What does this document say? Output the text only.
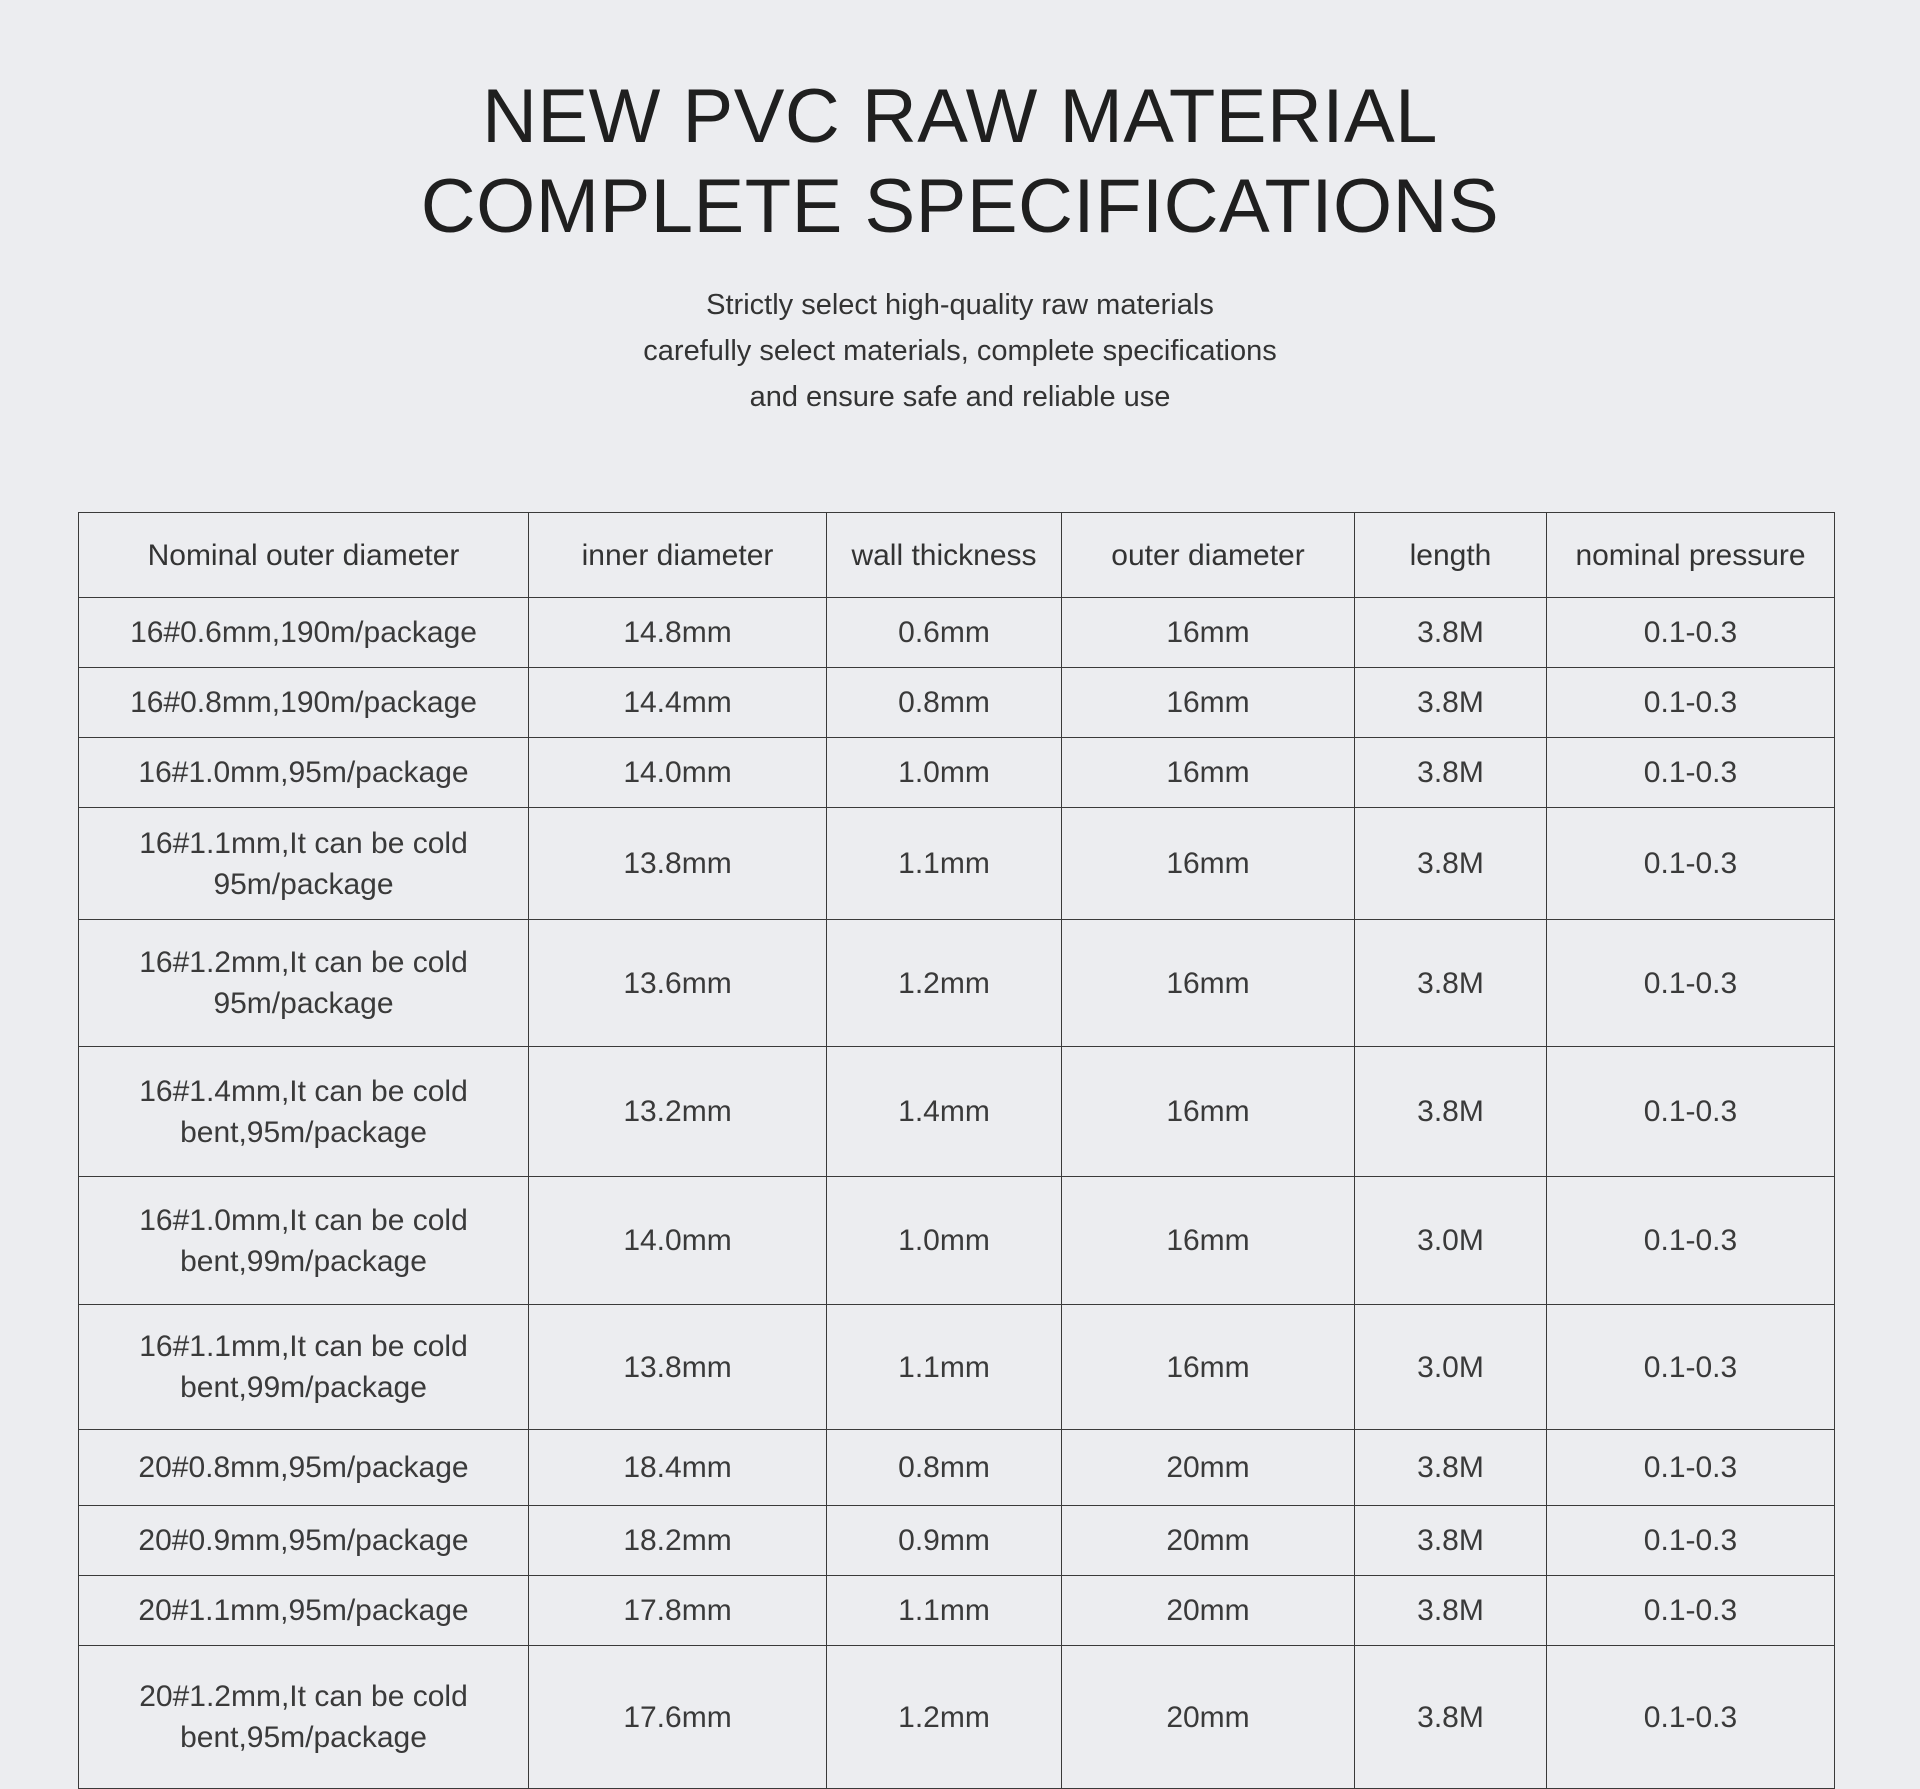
NEW PVC RAW MATERIAL
COMPLETE SPECIFICATIONS
Strictly select high-quality raw materials
carefully select materials, complete specifications
and ensure safe and reliable use
Nominal outer diameter	inner diameter	wall thickness	outer diameter	length	nominal pressure

16#0.6mm,190m/package	14.8mm	0.6mm	16mm	3.8M	0.1-0.3

16#0.8mm,190m/package	14.4mm	0.8mm	16mm	3.8M	0.1-0.3

16#1.0mm,95m/package	14.0mm	1.0mm	16mm	3.8M	0.1-0.3

16#1.1mm,It can be cold
95m/package	13.8mm	1.1mm	16mm	3.8M	0.1-0.3

16#1.2mm,It can be cold
95m/package	13.6mm	1.2mm	16mm	3.8M	0.1-0.3

16#1.4mm,It can be cold
bent,95m/package	13.2mm	1.4mm	16mm	3.8M	0.1-0.3

16#1.0mm,It can be cold
bent,99m/package	14.0mm	1.0mm	16mm	3.0M	0.1-0.3

16#1.1mm,It can be cold
bent,99m/package	13.8mm	1.1mm	16mm	3.0M	0.1-0.3

20#0.8mm,95m/package	18.4mm	0.8mm	20mm	3.8M	0.1-0.3

20#0.9mm,95m/package	18.2mm	0.9mm	20mm	3.8M	0.1-0.3

20#1.1mm,95m/package	17.8mm	1.1mm	20mm	3.8M	0.1-0.3

20#1.2mm,It can be cold
bent,95m/package	17.6mm	1.2mm	20mm	3.8M	0.1-0.3
